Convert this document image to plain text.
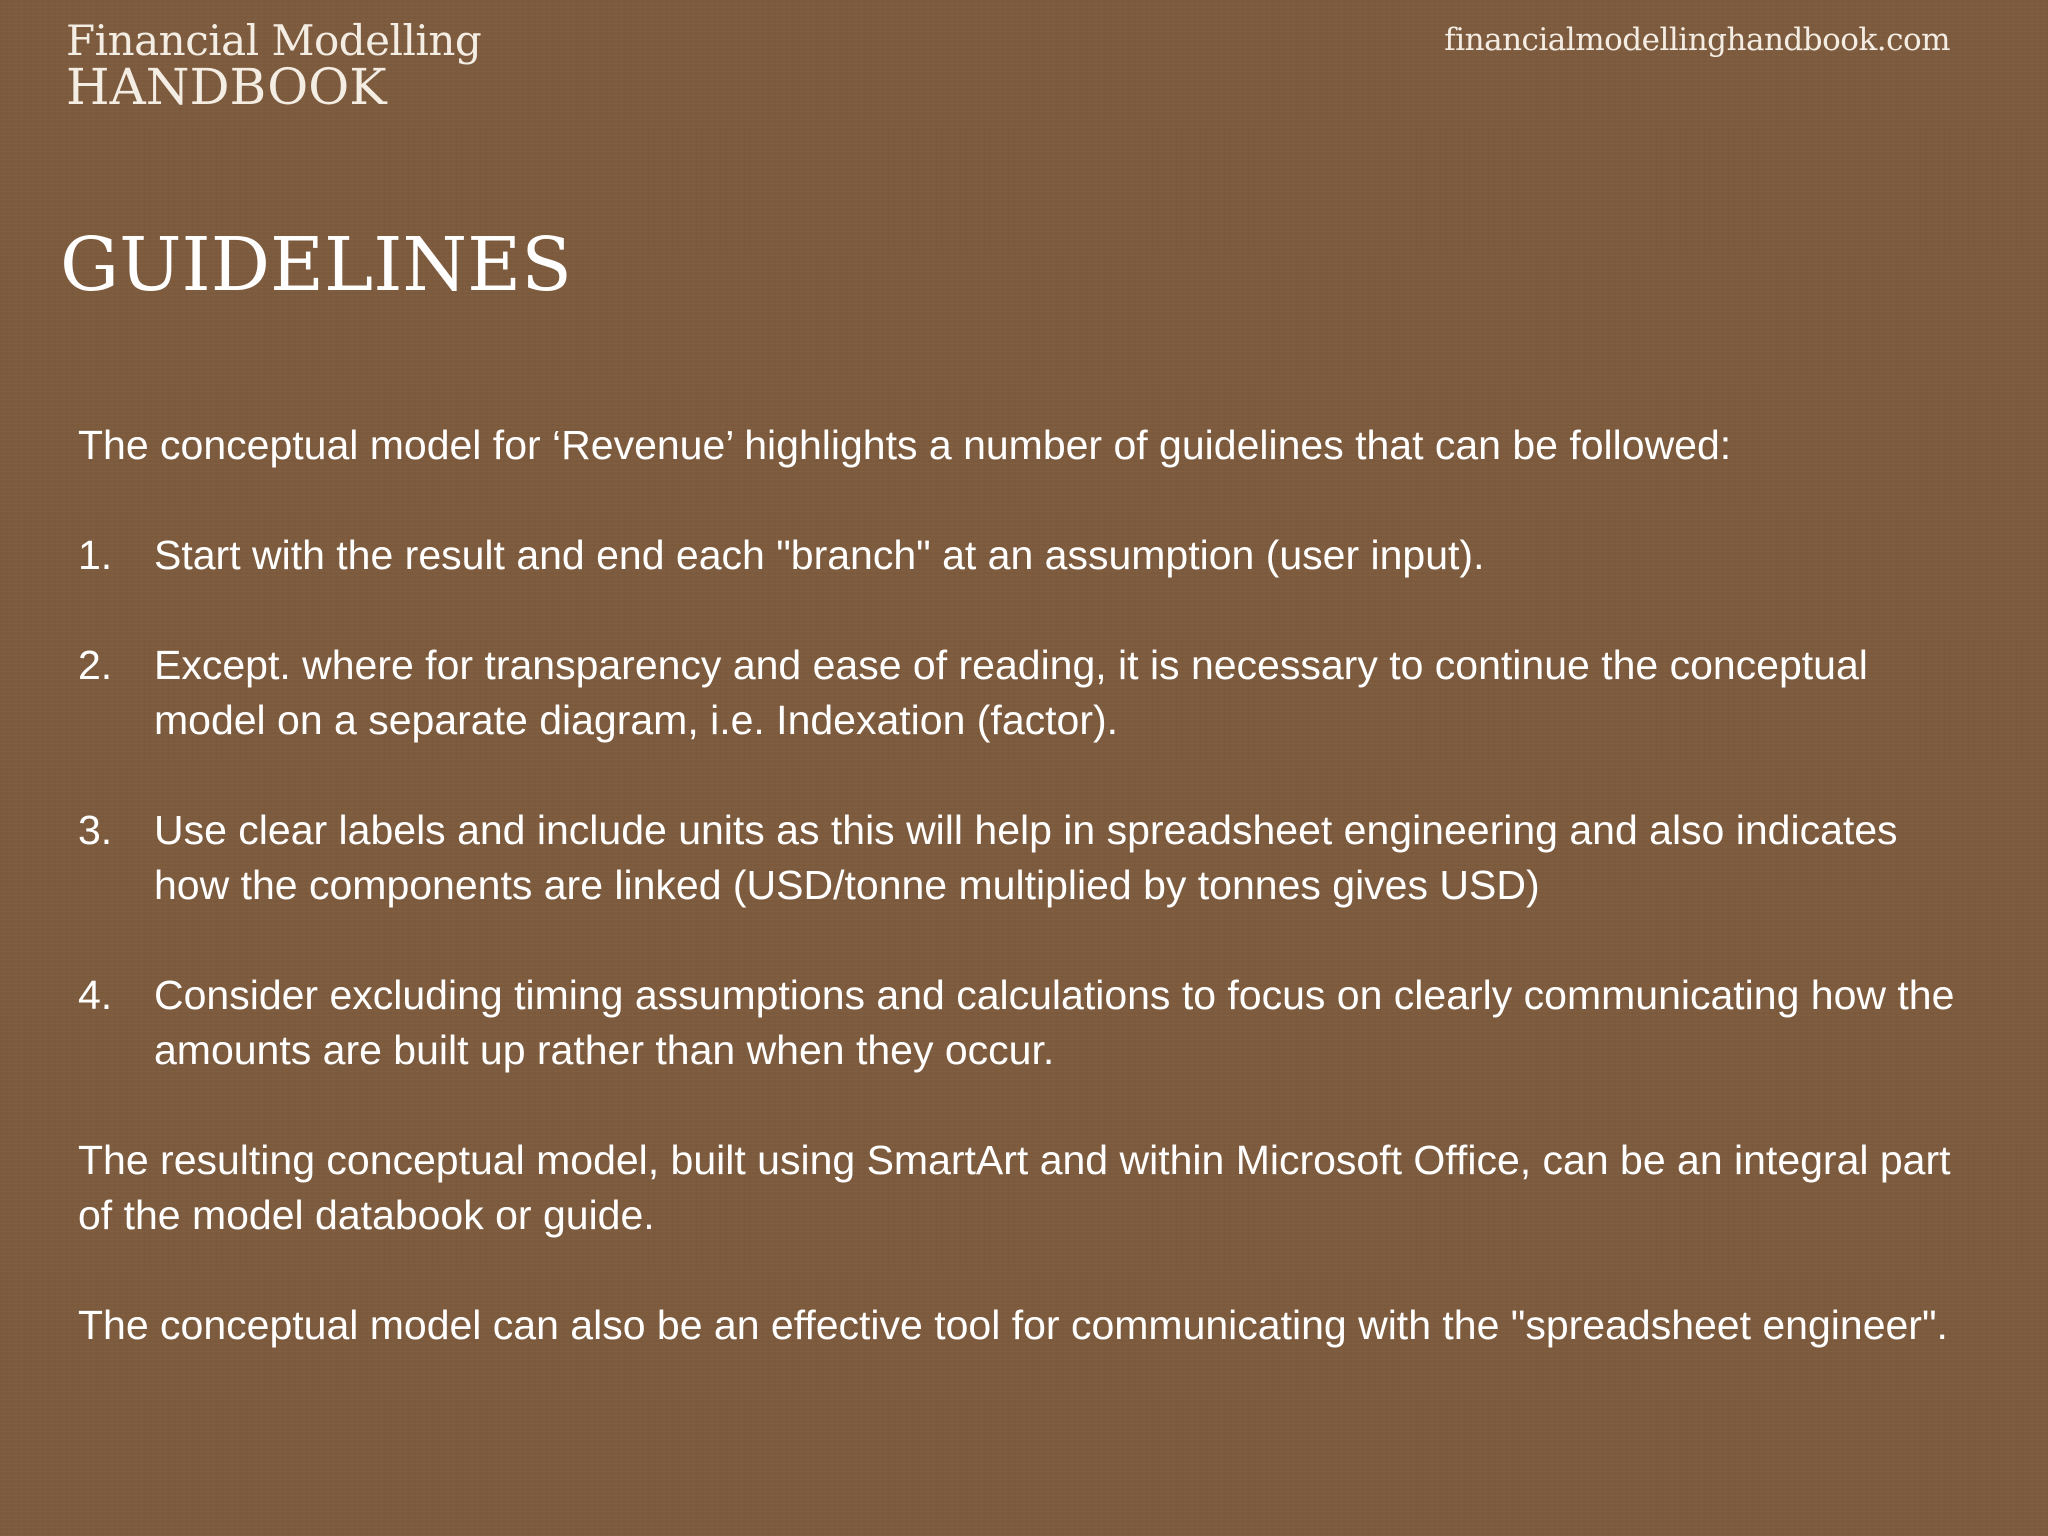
Financial Modelling
HANDBOOK
financialmodellinghandbook.com
GUIDELINES

The conceptual model for ‘Revenue’ highlights a number of guidelines that can be followed:

1.	Start with the result and end each "branch" at an assumption (user input).
2.	Except. where for transparency and ease of reading, it is necessary to continue the conceptual model on a separate diagram, i.e. Indexation (factor).
3.	Use clear labels and include units as this will help in spreadsheet engineering and also indicates how the components are linked (USD/tonne multiplied by tonnes gives USD)
4.	Consider excluding timing assumptions and calculations to focus on clearly communicating how the amounts are built up rather than when they occur.

The resulting conceptual model, built using SmartArt and within Microsoft Office, can be an integral part of the model databook or guide.

The conceptual model can also be an effective tool for communicating with the "spreadsheet engineer".
